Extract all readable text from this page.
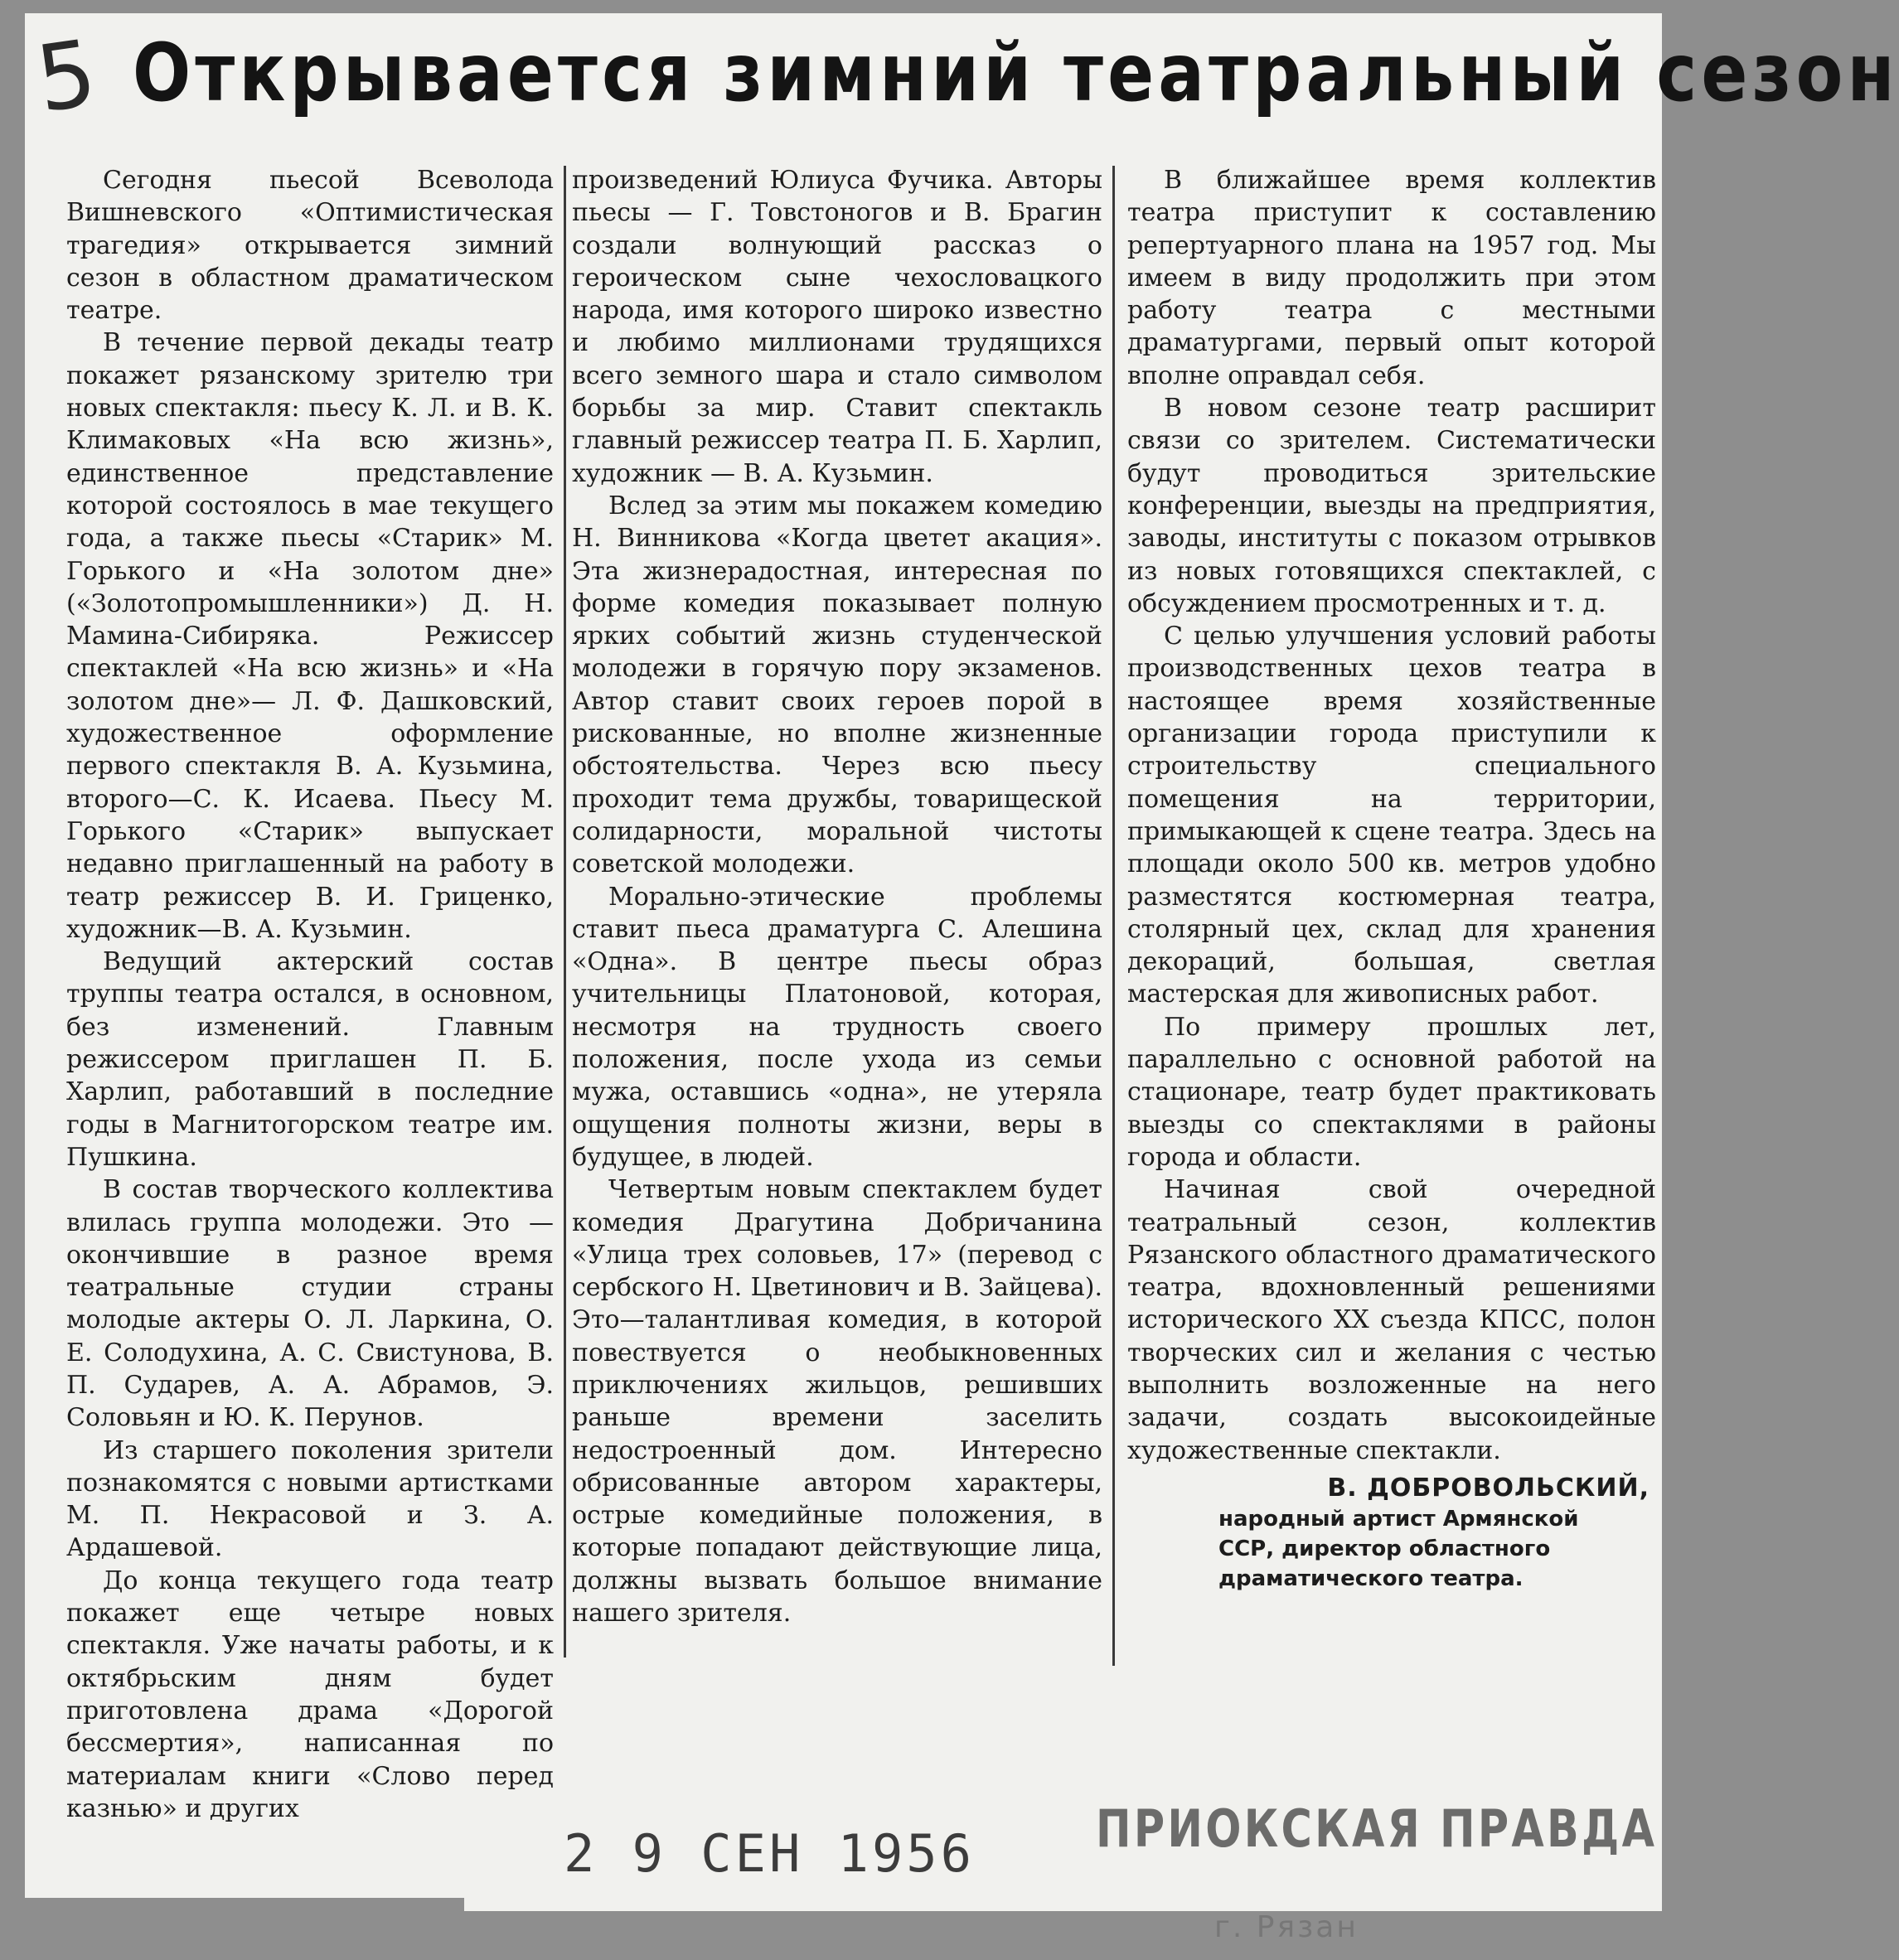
5 Открывается зимний театральный сезон

Сегодня пьесой Всеволода Вишневского «Оптимистическая трагедия» открывается зимний сезон в областном драматическом театре.

В течение первой декады театр покажет рязанскому зрителю три новых спектакля: пьесу К. Л. и В. К. Климаковых «На всю жизнь», единственное представление которой состоялось в мае текущего года, а также пьесы «Старик» М. Горького и «На золотом дне» («Золотопромышленники») Д. Н. Мамина-Сибиряка. Режиссер спектаклей «На всю жизнь» и «На золотом дне»— Л. Ф. Дашковский, художественное оформление первого спектакля В. А. Кузьмина, второго—С. К. Исаева. Пьесу М. Горького «Старик» выпускает недавно приглашенный на работу в театр режиссер В. И. Гриценко, художник—В. А. Кузьмин.

Ведущий актерский состав труппы театра остался, в основном, без изменений. Главным режиссером приглашен П. Б. Харлип, работавший в последние годы в Магнитогорском театре им. Пушкина.

В состав творческого коллектива влилась группа молодежи. Это — окончившие в разное время театральные студии страны молодые актеры О. Л. Ларкина, О. Е. Солодухина, А. С. Свистунова, В. П. Сударев, А. А. Абрамов, Э. Соловьян и Ю. К. Перунов.

Из старшего поколения зрители познакомятся с новыми артистками М. П. Некрасовой и З. А. Ардашевой.

До конца текущего года театр покажет еще четыре новых спектакля. Уже начаты работы, и к октябрьским дням будет приготовлена драма «Дорогой бессмертия», написанная по материалам книги «Слово перед казнью» и других

произведений Юлиуса Фучика. Авторы пьесы — Г. Товстоногов и В. Брагин создали волнующий рассказ о героическом сыне чехословацкого народа, имя которого широко известно и любимо миллионами трудящихся всего земного шара и стало символом борьбы за мир. Ставит спектакль главный режиссер театра П. Б. Харлип, художник — В. А. Кузьмин.

Вслед за этим мы покажем комедию Н. Винникова «Когда цветет акация». Эта жизнерадостная, интересная по форме комедия показывает полную ярких событий жизнь студенческой молодежи в горячую пору экзаменов. Автор ставит своих героев порой в рискованные, но вполне жизненные обстоятельства. Через всю пьесу проходит тема дружбы, товарищеской солидарности, моральной чистоты советской молодежи.

Морально-этические проблемы ставит пьеса драматурга С. Алешина «Одна». В центре пьесы образ учительницы Платоновой, которая, несмотря на трудность своего положения, после ухода из семьи мужа, оставшись «одна», не утеряла ощущения полноты жизни, веры в будущее, в людей.

Четвертым новым спектаклем будет комедия Драгутина Добричанина «Улица трех соловьев, 17» (перевод с сербского Н. Цветинович и В. Зайцева). Это—талантливая комедия, в которой повествуется о необыкновенных приключениях жильцов, решивших раньше времени заселить недостроенный дом. Интересно обрисованные автором характеры, острые комедийные положения, в которые попадают действующие лица, должны вызвать большое внимание нашего зрителя.

В ближайшее время коллектив театра приступит к составлению репертуарного плана на 1957 год. Мы имеем в виду продолжить при этом работу театра с местными драматургами, первый опыт которой вполне оправдал себя.

В новом сезоне театр расширит связи со зрителем. Систематически будут проводиться зрительские конференции, выезды на предприятия, заводы, институты с показом отрывков из новых готовящихся спектаклей, с обсуждением просмотренных и т. д.

С целью улучшения условий работы производственных цехов театра в настоящее время хозяйственные организации города приступили к строительству специального помещения на территории, примыкающей к сцене театра. Здесь на площади около 500 кв. метров удобно разместятся костюмерная театра, столярный цех, склад для хранения декораций, большая, светлая мастерская для живописных работ.

По примеру прошлых лет, параллельно с основной работой на стационаре, театр будет практиковать выезды со спектаклями в районы города и области.

Начиная свой очередной театральный сезон, коллектив Рязанского областного драматического театра, вдохновленный решениями исторического XX съезда КПСС, полон творческих сил и желания с честью выполнить возложенные на него задачи, создать высокоидейные художественные спектакли.

В. ДОБРОВОЛЬСКИЙ,
народный артист Армянской ССР, директор областного драматического театра.
2 9 СЕН 1956 ПРИОКСКАЯ ПРАВДА
г. Рязан
